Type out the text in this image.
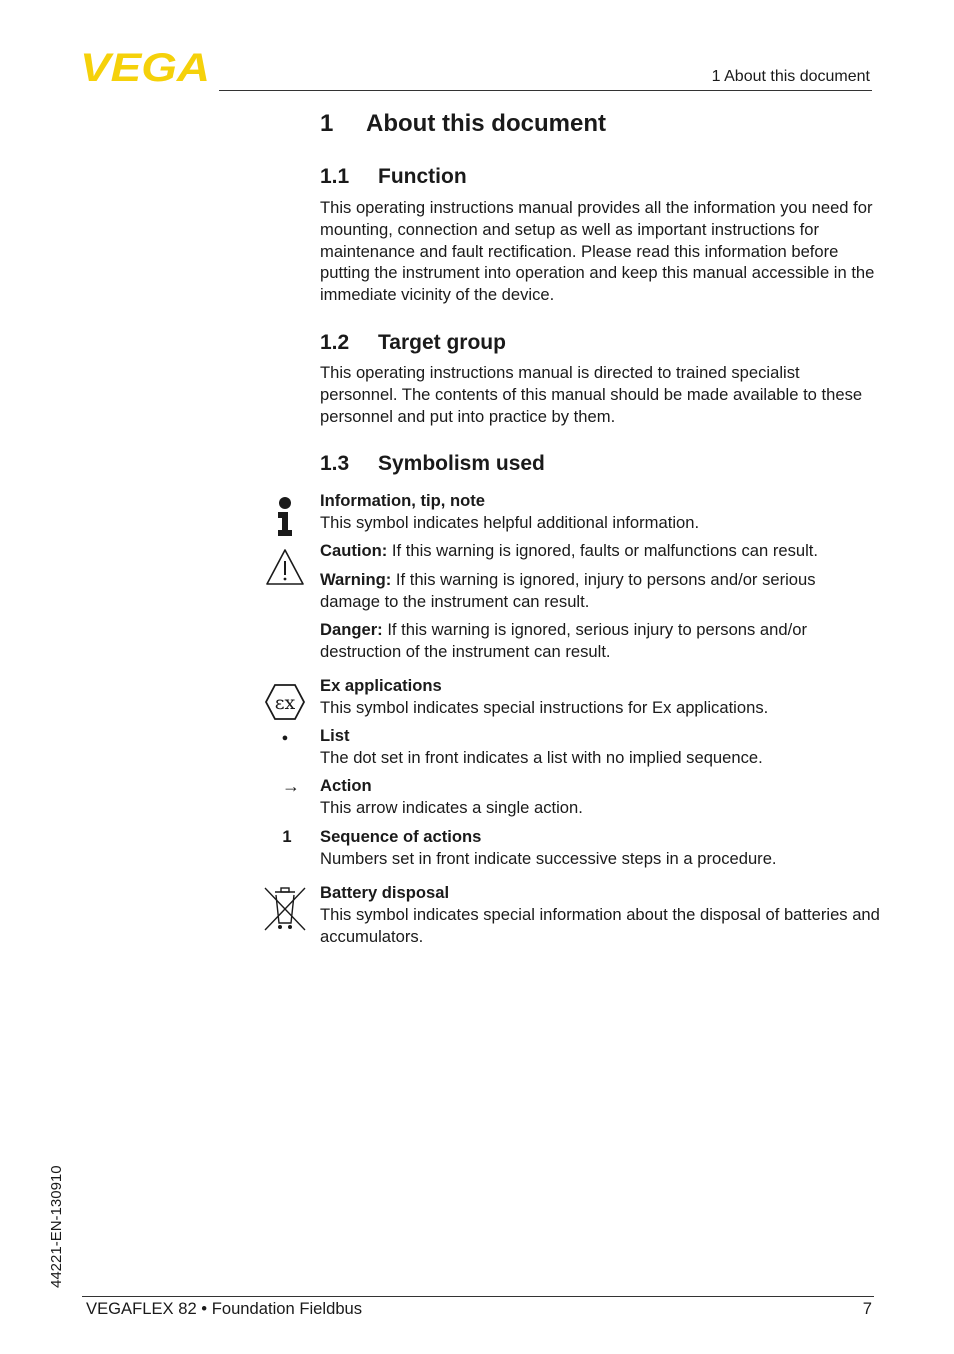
VEGA	1 About this document
1 About this document
1.1 Function
This operating instructions manual provides all the information you need for mounting, connection and setup as well as important instructions for maintenance and fault rectification. Please read this information before putting the instrument into operation and keep this manual accessible in the immediate vicinity of the device.
1.2 Target group
This operating instructions manual is directed to trained specialist personnel. The contents of this manual should be made available to these personnel and put into practice by them.
1.3 Symbolism used
Information, tip, note
This symbol indicates helpful additional information.
Caution: If this warning is ignored, faults or malfunctions can result.
Warning: If this warning is ignored, injury to persons and/or serious damage to the instrument can result.
Danger: If this warning is ignored, serious injury to persons and/or destruction of the instrument can result.
εx
Ex applications
This symbol indicates special instructions for Ex applications.
●	List
The dot set in front indicates a list with no implied sequence.
→	Action
This arrow indicates a single action.
1	Sequence of actions
Numbers set in front indicate successive steps in a procedure.
Battery disposal
This symbol indicates special information about the disposal of batteries and accumulators.
44221-EN-130910
VEGAFLEX 82 • Foundation Fieldbus	7
